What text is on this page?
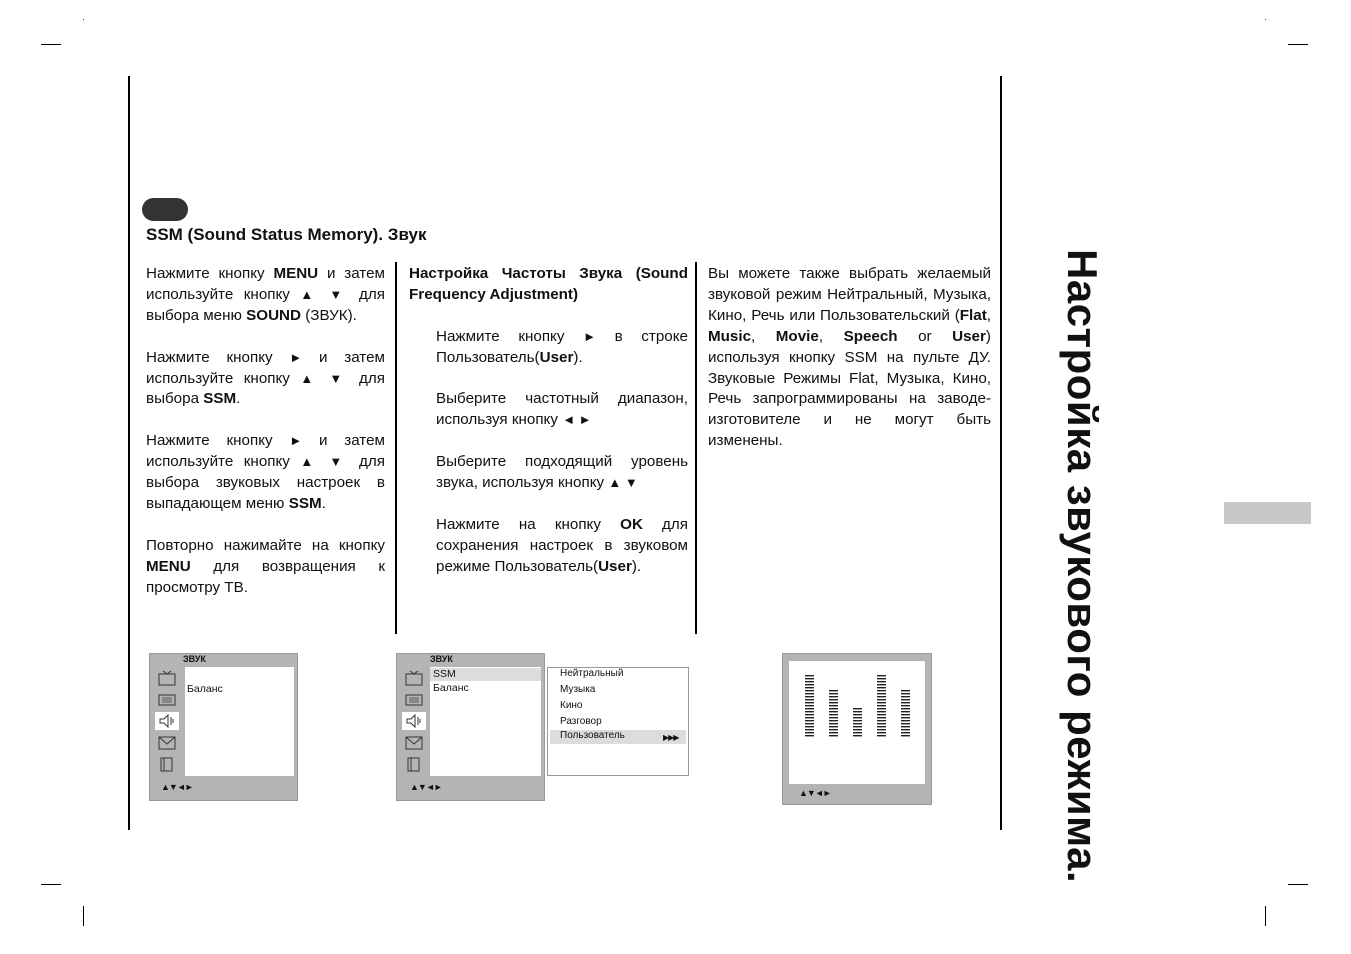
SSM (Sound Status Memory). Звук

Нажмите кнопку MENU и затем используйте кнопку ▲ ▼ для выбора меню SOUND (ЗВУК).

Нажмите кнопку ► и затем используйте кнопку ▲ ▼ для выбора SSM.

Нажмите кнопку ► и затем используйте кнопку ▲ ▼ для выбора звуковых настроек в выпадающем меню SSM.

Повторно нажимайте на кнопку MENU для возвращения к просмотру ТВ.

Настройка Частоты Звука (Sound Frequency Adjustment)

Нажмите кнопку ► в строке Пользователь(User).

Выберите частотный диапазон, используя кнопку ◄ ►

Выберите подходящий уровень звука, используя кнопку ▲ ▼

Нажмите на кнопку OK для сохранения настроек в звуковом режиме Пользователь(User).

Вы можете также выбрать желаемый звуковой режим Нейтральный, Музыка, Кино, Речь или Пользовательский (Flat, Music, Movie, Speech or User) используя кнопку SSM на пульте ДУ. Звуковые Режимы Flat, Музыка, Кино, Речь запрограммированы на заводе-изготовителе и не могут быть изменены.	Настройка звукового режима.
ЗВУК
Баланс
▲▼◄►
ЗВУК
SSM
Баланс
▲▼◄►
Нейтральный
Музыка
Кино
Разговор
Пользователь	▶▶▶
▲▼◄►
